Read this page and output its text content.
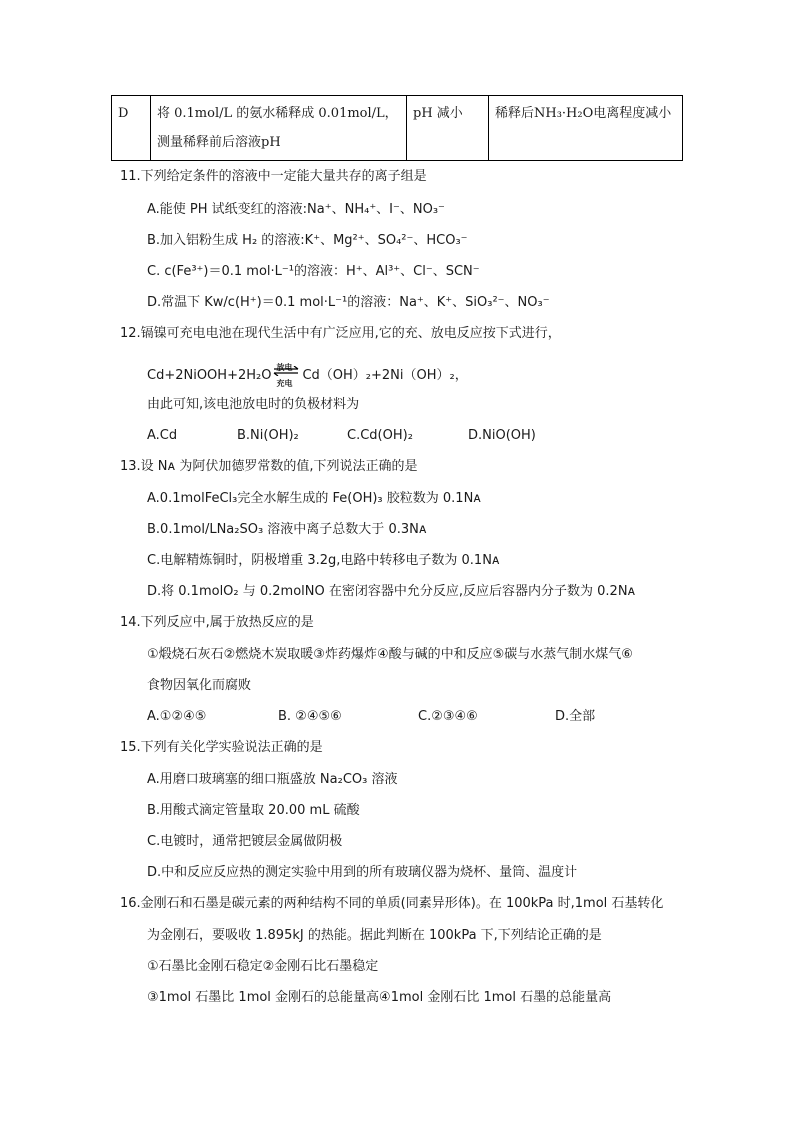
D	将 0.1mol/L 的氨水稀释成 0.01mol/L，测量稀释前后溶液pH	pH 减小	稀释后NH₃·H₂O电离程度减小
11.下列给定条件的溶液中一定能大量共存的离子组是
A.能使 PH 试纸变红的溶液:Na⁺、NH₄⁺、I⁻、NO₃⁻
B.加入铝粉生成 H₂ 的溶液:K⁺、Mg²⁺、SO₄²⁻、HCO₃⁻
C. c(Fe³⁺)＝0.1 mol·L⁻¹的溶液：H⁺、Al³⁺、Cl⁻、SCN⁻
D.常温下 Kw/c(H⁺)＝0.1 mol·L⁻¹的溶液：Na⁺、K⁺、SiO₃²⁻、NO₃⁻
12.镉镍可充电电池在现代生活中有广泛应用,它的充、放电反应按下式进行，
Cd+2NiOOH+2H₂O
放电
充电
Cd（OH）₂+2Ni（OH）₂，
由此可知,该电池放电时的负极材料为
A.Cd	B.Ni(OH)₂	C.Cd(OH)₂	D.NiO(OH)
13.设 Nᴀ 为阿伏加德罗常数的值,下列说法正确的是
A.0.1molFeCl₃完全水解生成的 Fe(OH)₃ 胶粒数为 0.1Nᴀ
B.0.1mol/LNa₂SO₃ 溶液中离子总数大于 0.3Nᴀ
C.电解精炼铜时，阴极增重 3.2g,电路中转移电子数为 0.1Nᴀ
D.将 0.1molO₂ 与 0.2molNO 在密闭容器中允分反应,反应后容器内分子数为 0.2Nᴀ
14.下列反应中,属于放热反应的是
①煅烧石灰石②燃烧木炭取暖③炸药爆炸④酸与碱的中和反应⑤碳与水蒸气制水煤气⑥
食物因氧化而腐败
A.①②④⑤	B. ②④⑤⑥	C.②③④⑥	D.全部
15.下列有关化学实验说法正确的是
A.用磨口玻璃塞的细口瓶盛放 Na₂CO₃ 溶液
B.用酸式滴定管量取 20.00 mL 硫酸
C.电镀时，通常把镀层金属做阴极
D.中和反应反应热的测定实验中用到的所有玻璃仪器为烧杯、量筒、温度计
16.金刚石和石墨是碳元素的两种结构不同的单质(同素异形体)。在 100kPa 时,1mol 石基转化
为金刚石，要吸收 1.895kJ 的热能。据此判断在 100kPa 下,下列结论正确的是
①石墨比金刚石稳定②金刚石比石墨稳定
③1mol 石墨比 1mol 金刚石的总能量高④1mol 金刚石比 1mol 石墨的总能量高
